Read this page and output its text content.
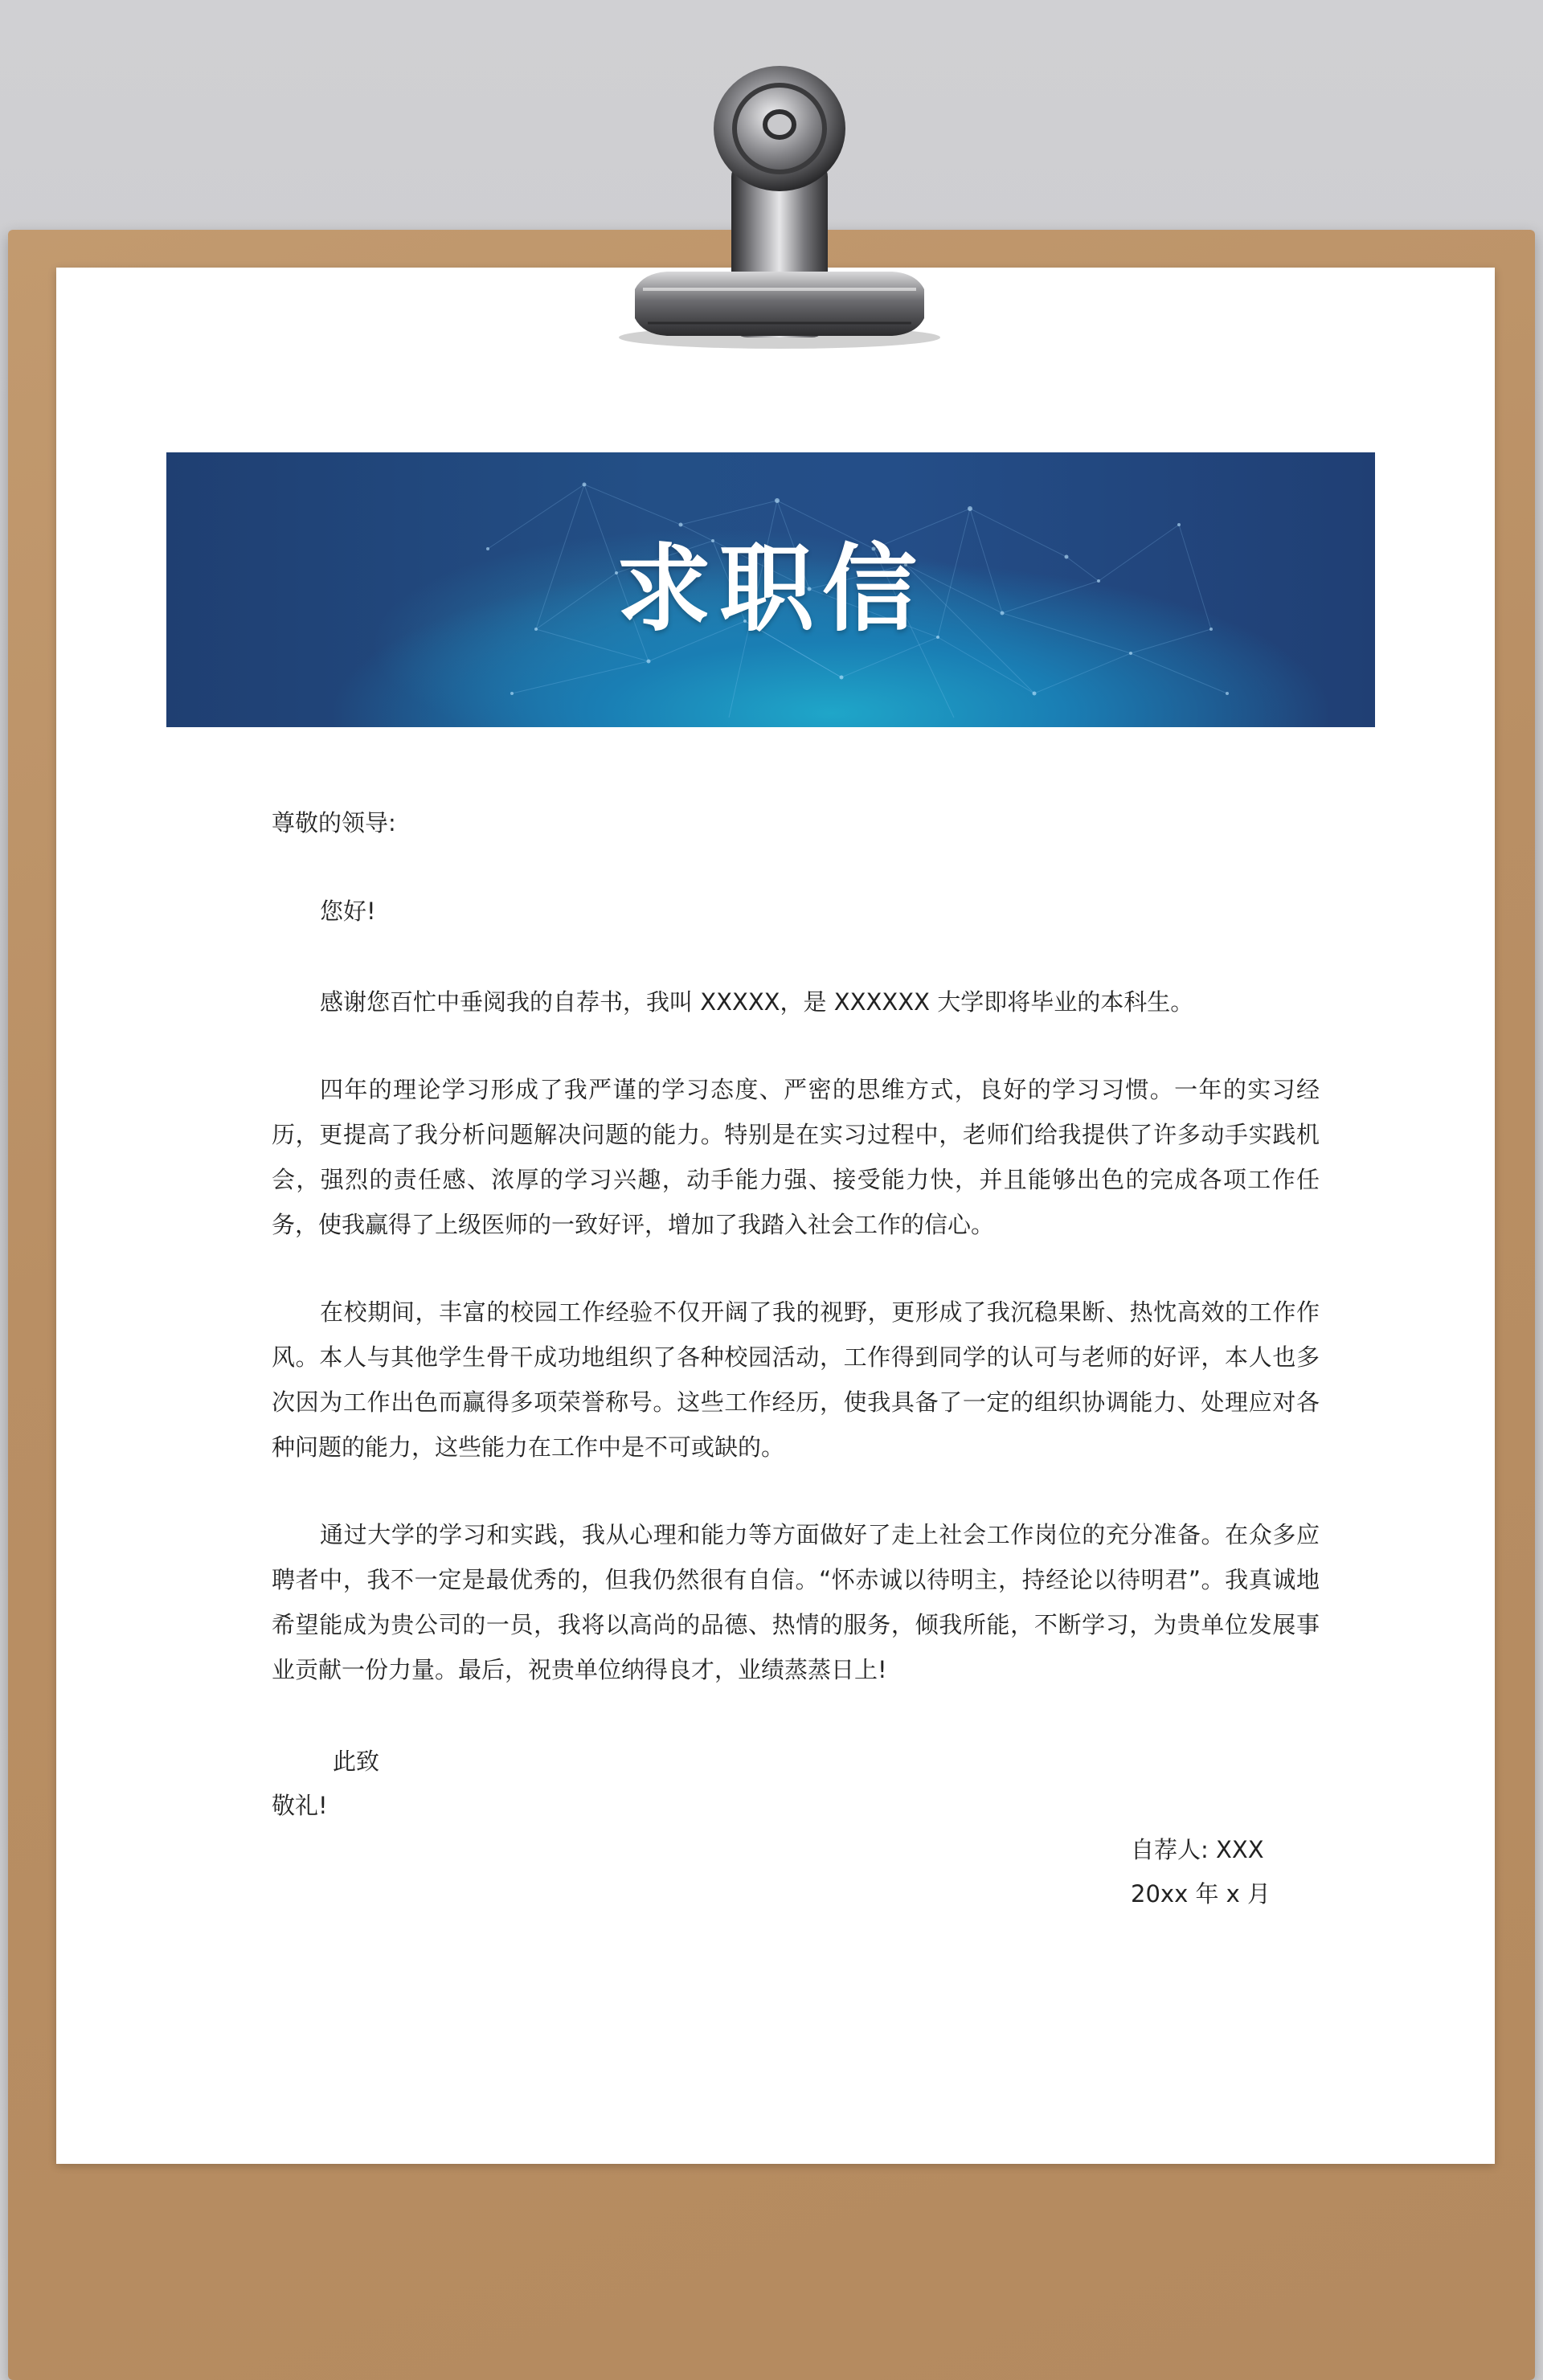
求职信
尊敬的领导:
您好!
感谢您百忙中垂阅我的自荐书，我叫 XXXXX，是 XXXXXX 大学即将毕业的本科生。
四年的理论学习形成了我严谨的学习态度、严密的思维方式，良好的学习习惯。一年的实习经历，更提高了我分析问题解决问题的能力。特别是在实习过程中，老师们给我提供了许多动手实践机会，强烈的责任感、浓厚的学习兴趣，动手能力强、接受能力快，并且能够出色的完成各项工作任务，使我赢得了上级医师的一致好评，增加了我踏入社会工作的信心。
在校期间，丰富的校园工作经验不仅开阔了我的视野，更形成了我沉稳果断、热忱高效的工作作风。本人与其他学生骨干成功地组织了各种校园活动，工作得到同学的认可与老师的好评，本人也多次因为工作出色而赢得多项荣誉称号。这些工作经历，使我具备了一定的组织协调能力、处理应对各种问题的能力，这些能力在工作中是不可或缺的。
通过大学的学习和实践，我从心理和能力等方面做好了走上社会工作岗位的充分准备。在众多应聘者中，我不一定是最优秀的，但我仍然很有自信。“怀赤诚以待明主，持经论以待明君”。我真诚地希望能成为贵公司的一员，我将以高尚的品德、热情的服务，倾我所能，不断学习，为贵单位发展事业贡献一份力量。最后，祝贵单位纳得良才，业绩蒸蒸日上!
此致
敬礼!
自荐人: XXX
20xx 年 x 月
